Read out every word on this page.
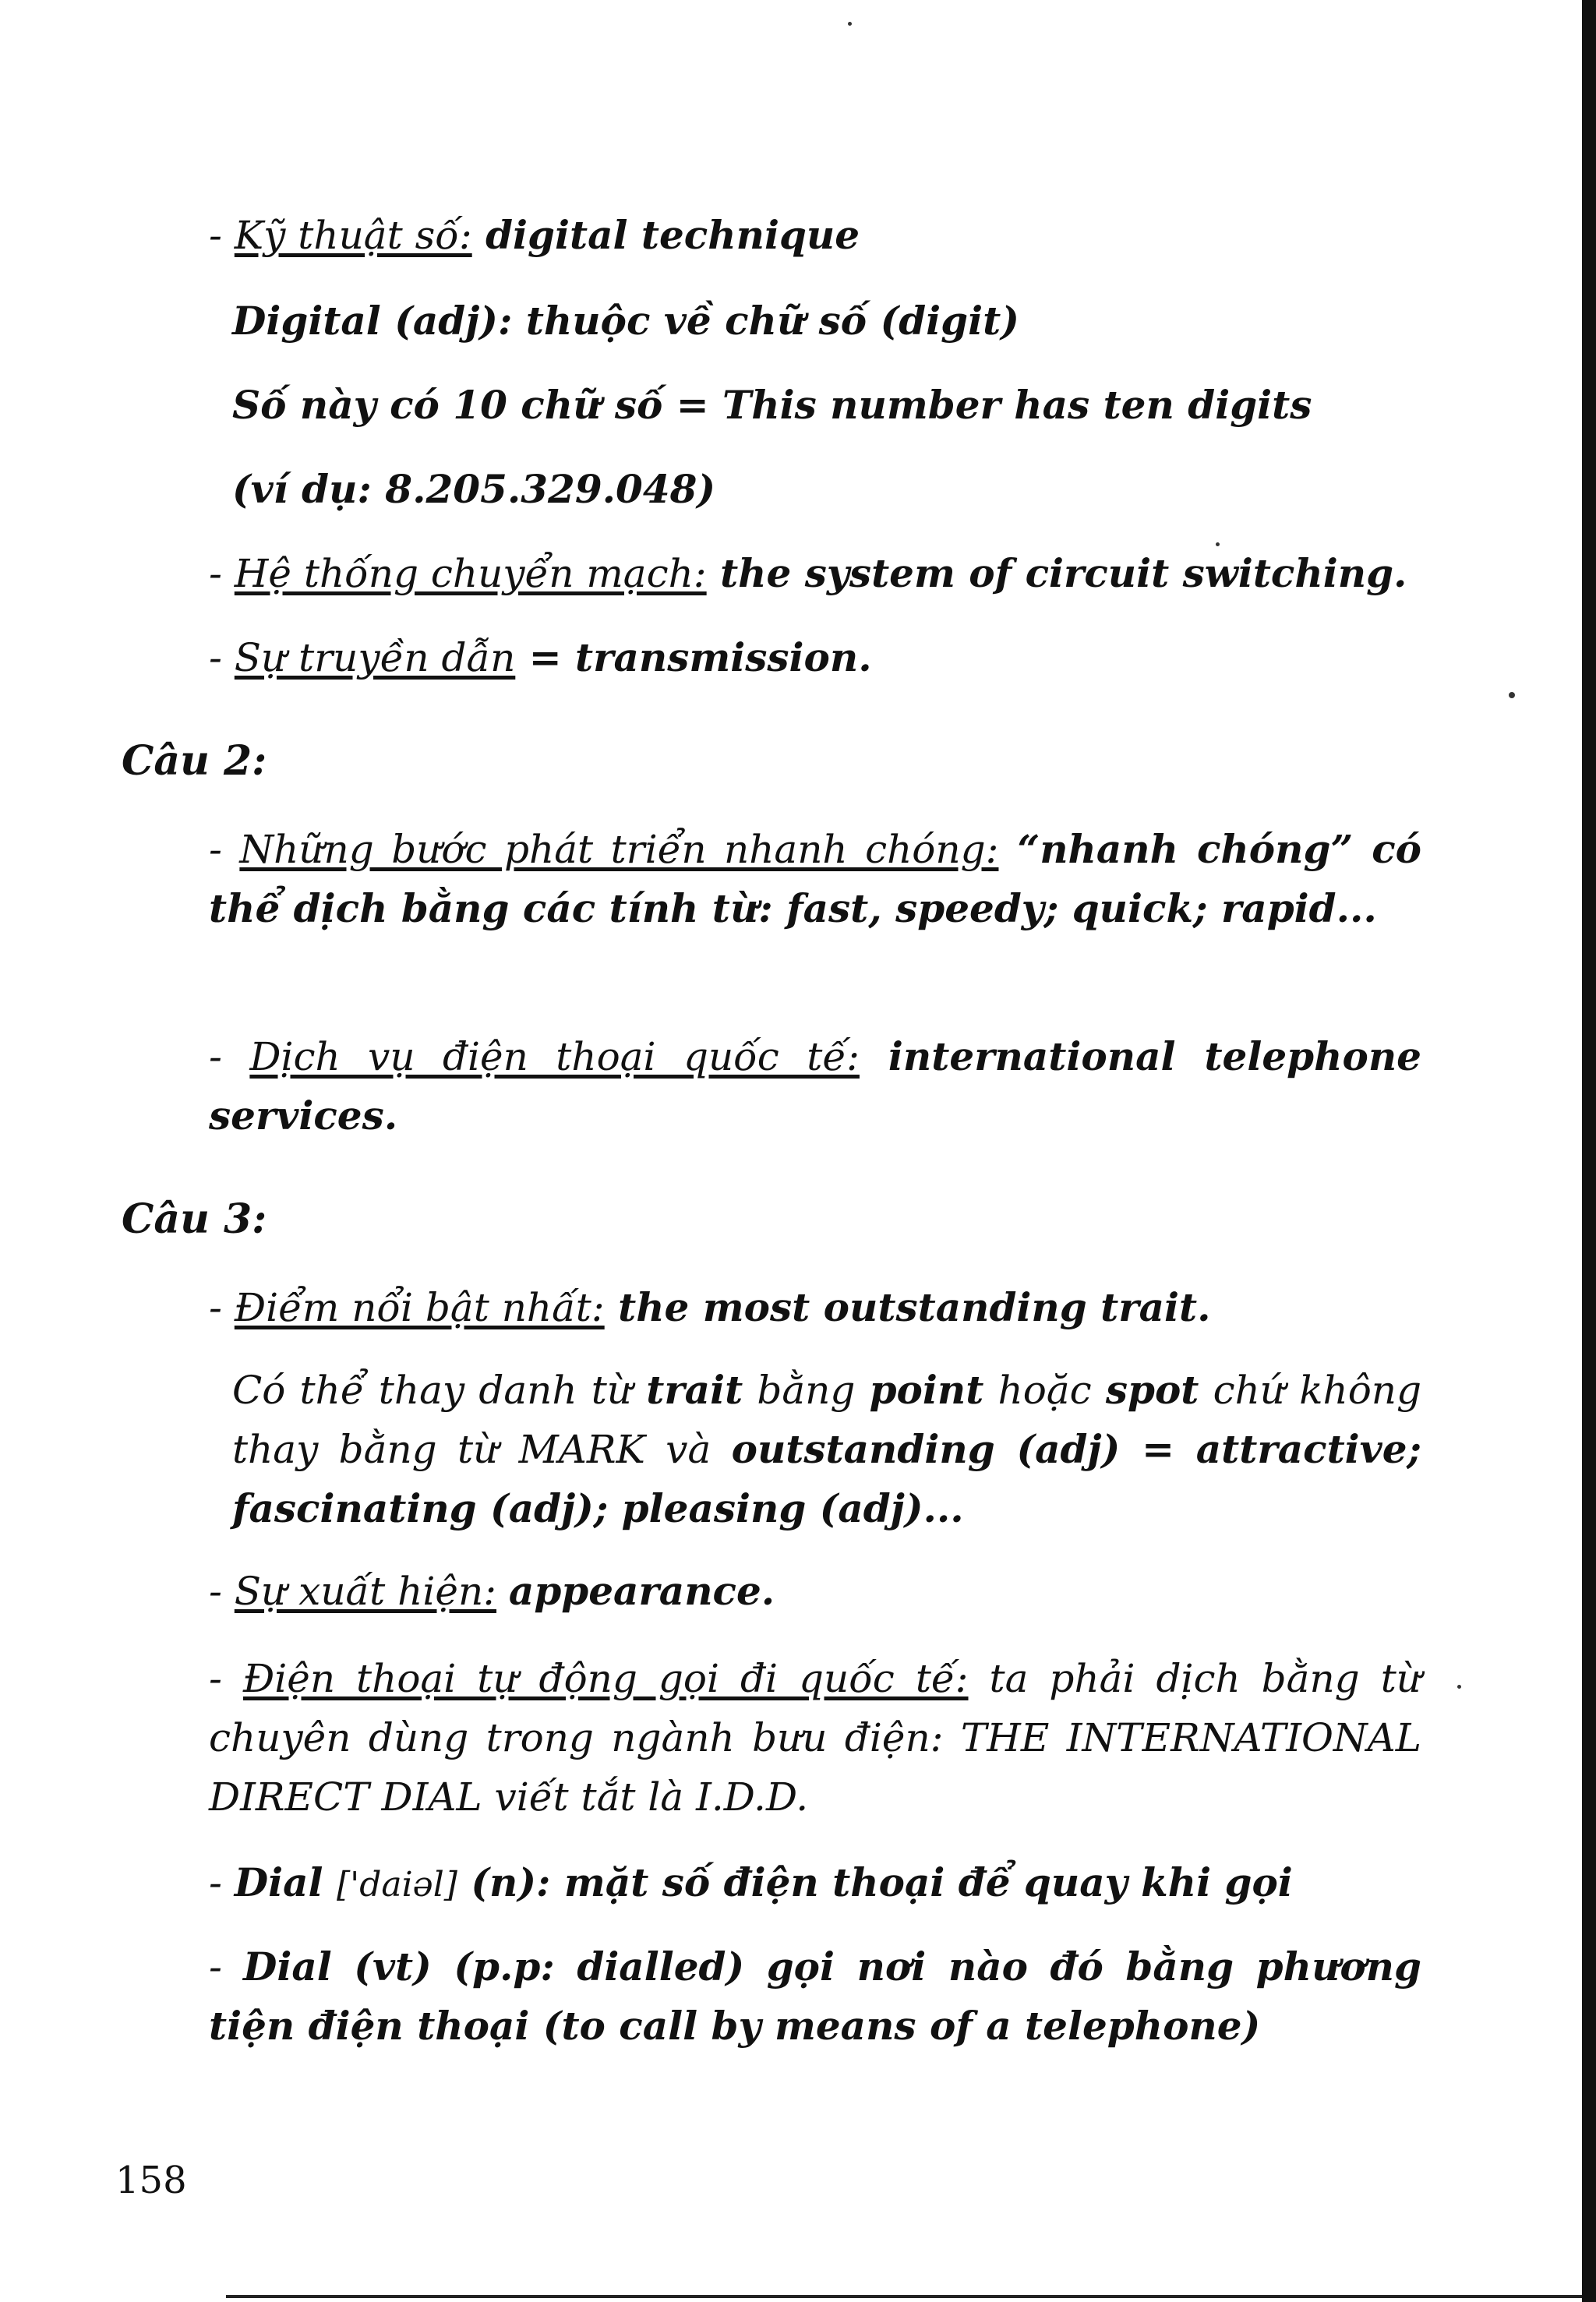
- Kỹ thuật số: digital technique
Digital (adj): thuộc về chữ số (digit)
Số này có 10 chữ số = This number has ten digits
(ví dụ: 8.205.329.048)
- Hệ thống chuyển mạch: the system of circuit switching.
- Sự truyền dẫn = transmission.
Câu 2:
- Những bước phát triển nhanh chóng: “nhanh chóng” có thể dịch bằng các tính từ: fast, speedy; quick; rapid...
- Dịch vụ điện thoại quốc tế: international telephone services.
Câu 3:
- Điểm nổi bật nhất: the most outstanding trait.
Có thể thay danh từ trait bằng point hoặc spot chứ không thay bằng từ MARK và outstanding (adj) = attractive; fascinating (adj); pleasing (adj)...
- Sự xuất hiện: appearance.
- Điện thoại tự động gọi đi quốc tế: ta phải dịch bằng từ chuyên dùng trong ngành bưu điện: THE INTERNATIONAL DIRECT DIAL viết tắt là I.D.D.
- Dial ['daiəl] (n): mặt số điện thoại để quay khi gọi
- Dial (vt) (p.p: dialled) gọi nơi nào đó bằng phương tiện điện thoại (to call by means of a telephone)
158
